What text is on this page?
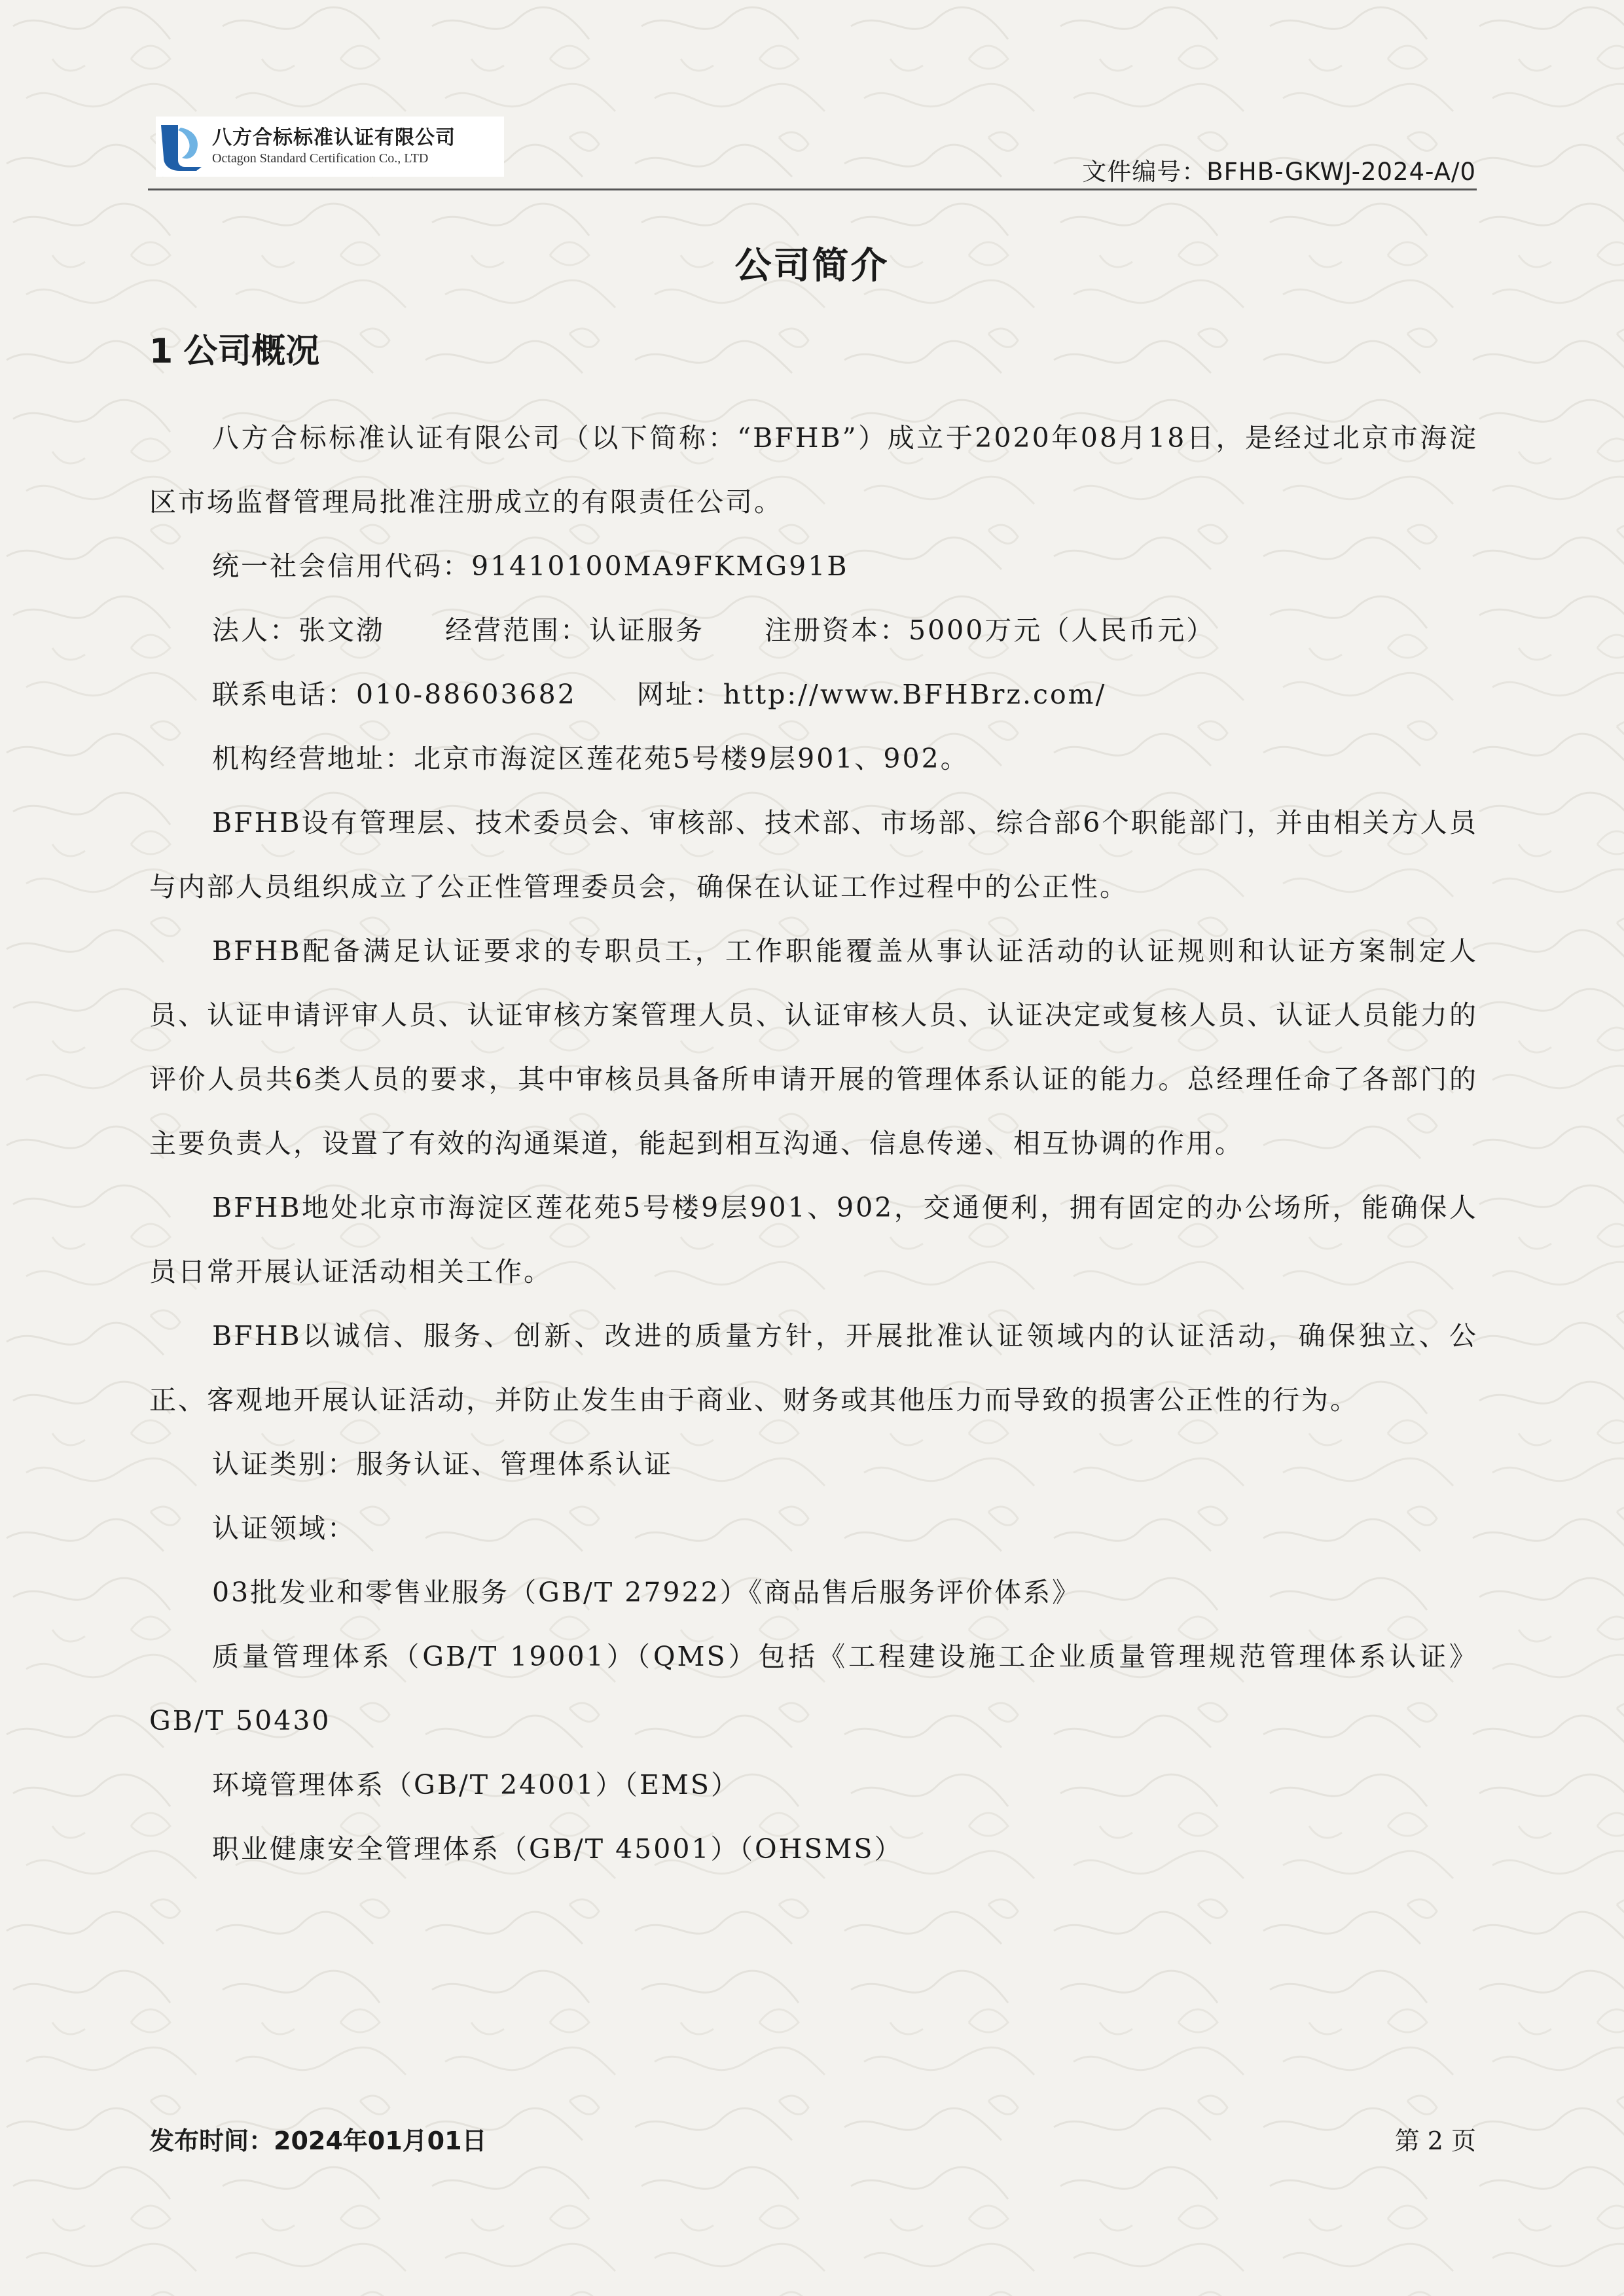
八方合标标准认证有限公司
Octagon Standard Certification Co., LTD	文件编号：BFHB-GKWJ-2024-A/0
公司简介
1 公司概况

八方合标标准认证有限公司（以下简称：“BFHB”）成立于2020年08月18日，是经过北京市海淀区市场监督管理局批准注册成立的有限责任公司。

统一社会信用代码：91410100MA9FKMG91B

法人：张文渤 经营范围：认证服务 注册资本：5000万元（人民币元）

联系电话：010-88603682 网址：http://www.BFHBrz.com/

机构经营地址：北京市海淀区莲花苑5号楼9层901、902。

BFHB设有管理层、技术委员会、审核部、技术部、市场部、综合部6个职能部门，并由相关方人员与内部人员组织成立了公正性管理委员会，确保在认证工作过程中的公正性。

BFHB配备满足认证要求的专职员工，工作职能覆盖从事认证活动的认证规则和认证方案制定人员、认证申请评审人员、认证审核方案管理人员、认证审核人员、认证决定或复核人员、认证人员能力的评价人员共6类人员的要求，其中审核员具备所申请开展的管理体系认证的能力。总经理任命了各部门的主要负责人，设置了有效的沟通渠道，能起到相互沟通、信息传递、相互协调的作用。

BFHB地处北京市海淀区莲花苑5号楼9层901、902，交通便利，拥有固定的办公场所，能确保人员日常开展认证活动相关工作。

BFHB以诚信、服务、创新、改进的质量方针，开展批准认证领域内的认证活动，确保独立、公正、客观地开展认证活动，并防止发生由于商业、财务或其他压力而导致的损害公正性的行为。

认证类别：服务认证、管理体系认证

认证领域：

03批发业和零售业服务（GB/T 27922）《商品售后服务评价体系》

质量管理体系（GB/T 19001）（QMS）包括《工程建设施工企业质量管理规范管理体系认证》GB/T 50430

环境管理体系（GB/T 24001）（EMS）

职业健康安全管理体系（GB/T 45001）（OHSMS）

发布时间：2024年01月01日	第 2 页
